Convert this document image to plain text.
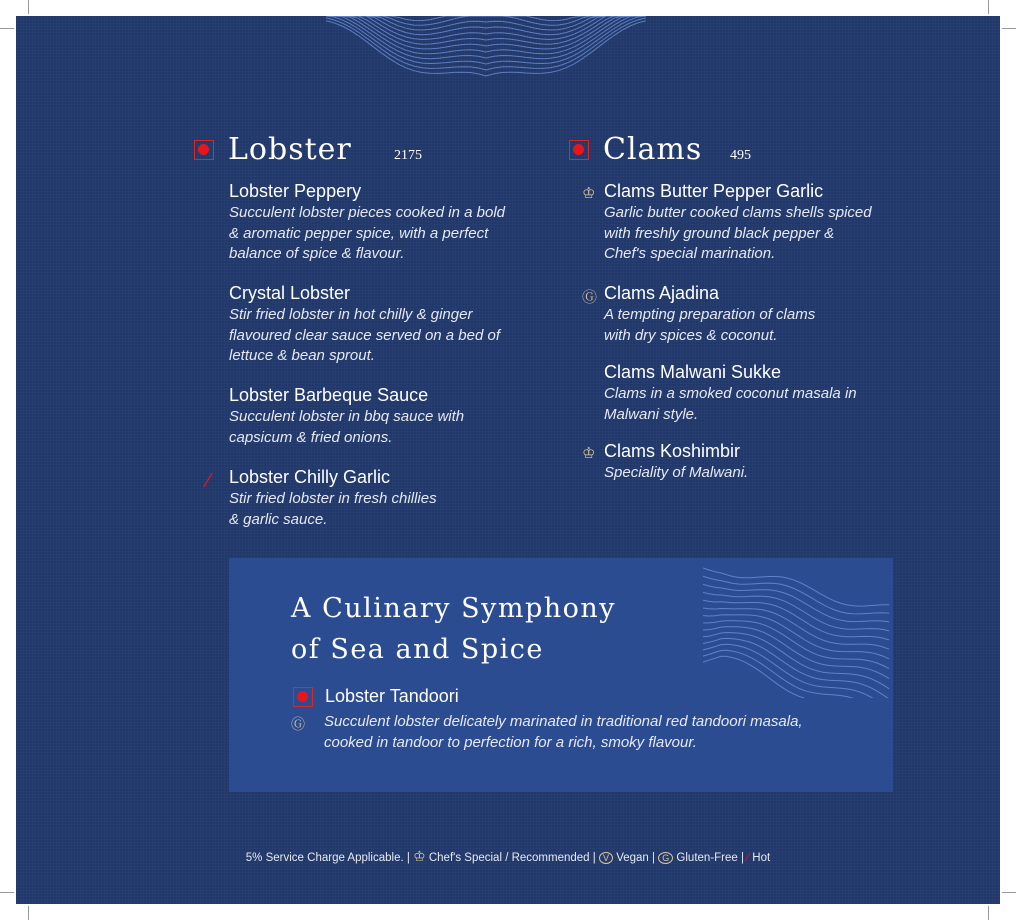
Lobster	2175
Lobster Peppery
Succulent lobster pieces cooked in a bold
& aromatic pepper spice, with a perfect
balance of spice & flavour.
Crystal Lobster
Stir fried lobster in hot chilly & ginger
flavoured clear sauce served on a bed of
lettuce & bean sprout.
Lobster Barbeque Sauce
Succulent lobster in bbq sauce with
capsicum & fried onions.
⁄ Lobster Chilly Garlic
Stir fried lobster in fresh chillies
& garlic sauce.
Clams 495
♔ Clams Butter Pepper Garlic
Garlic butter cooked clams shells spiced
with freshly ground black pepper &
Chef's special marination.
Ⓖ Clams Ajadina
A tempting preparation of clams
with dry spices & coconut.
Clams Malwani Sukke
Clams in a smoked coconut masala in
Malwani style.
♔ Clams Koshimbir
Speciality of Malwani.
A Culinary Symphony
of Sea and Spice
Lobster Tandoori
Ⓖ Succulent lobster delicately marinated in traditional red tandoori masala,
cooked in tandoor to perfection for a rich, smoky flavour.
5% Service Charge Applicable. | ♔ Chef's Special / Recommended | V Vegan | G Gluten-Free | ⁄ Hot
